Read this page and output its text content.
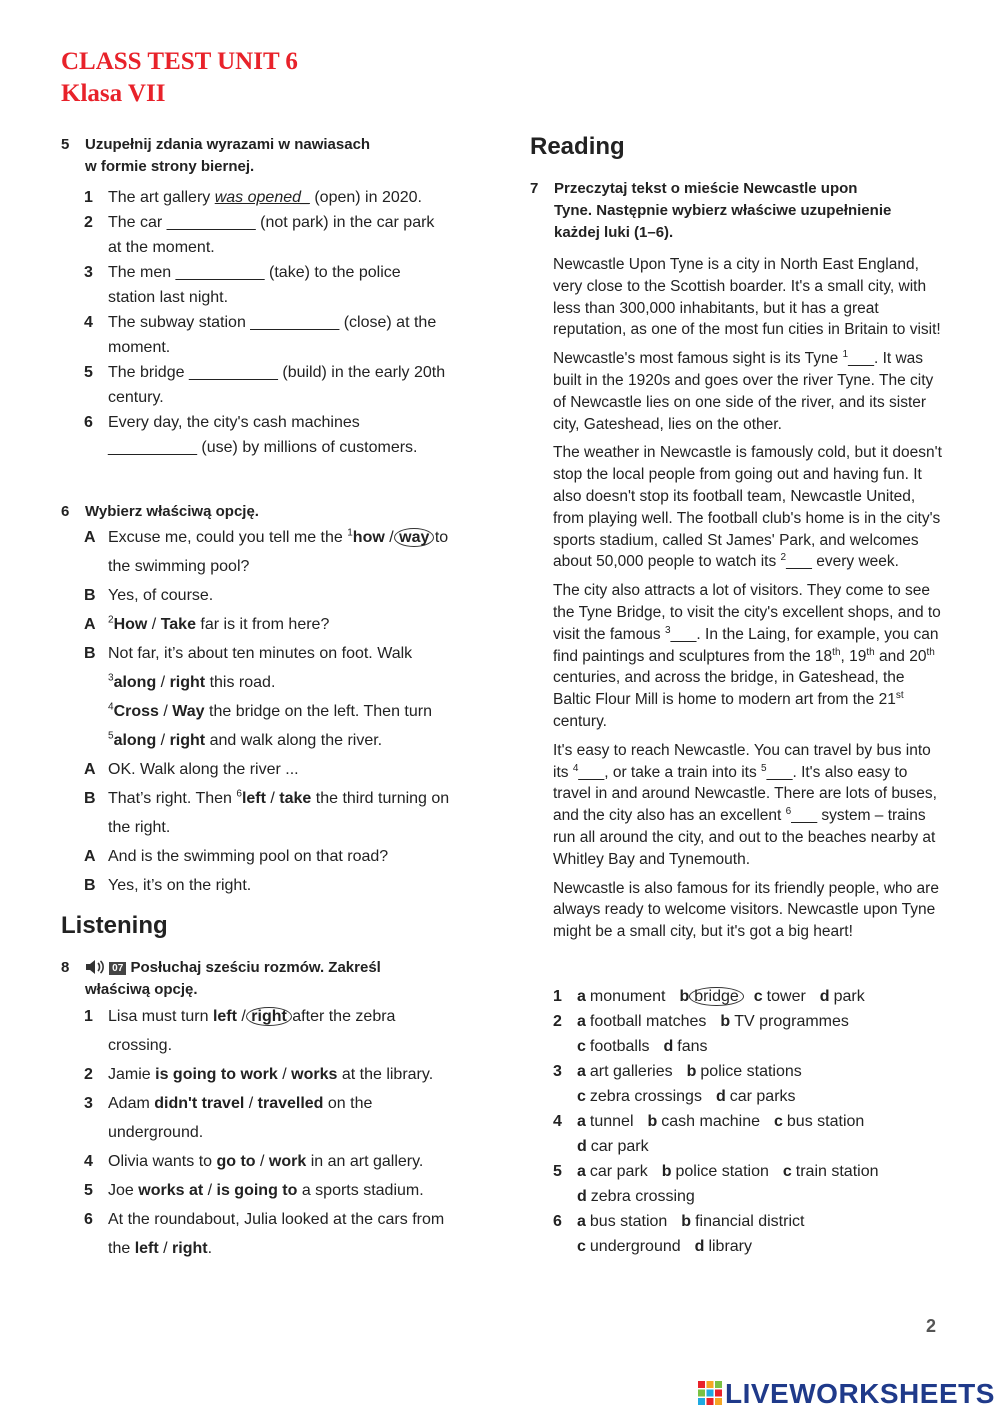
CLASS TEST UNIT 6
Klasa VII
5 Uzupełnij zdania wyrazami w nawiasach
w formie strony biernej.
1 The art gallery was opened_ (open) in 2020.
2 The car __________ (not park) in the car park
at the moment.
3 The men __________ (take) to the police
station last night.
4 The subway station __________ (close) at the
moment.
5 The bridge __________ (build) in the early 20th
century.
6 Every day, the city's cash machines
__________ (use) by millions of customers.
6 Wybierz właściwą opcję.
A Excuse me, could you tell me the $^1$how / way to
the swimming pool?
B Yes, of course.
A $^2$How / Take far is it from here?
B Not far, it’s about ten minutes on foot. Walk
$^3$along / right this road.
$^4$Cross / Way the bridge on the left. Then turn
$^5$along / right and walk along the river.
A OK. Walk along the river ...
B That’s right. Then $^6$left / take the third turning on
the right.
A And is the swimming pool on that road?
B Yes, it’s on the right.
Listening
8	07 Posłuchaj sześciu rozmów. Zakreśl
właściwą opcję.
1 Lisa must turn left / right after the zebra
crossing.
2 Jamie is going to work / works at the library.
3 Adam didn't travel / travelled on the
underground.
4 Olivia wants to go to / work in an art gallery.
5 Joe works at / is going to a sports stadium.
6 At the roundabout, Julia looked at the cars from
the left / right.
Reading
7 Przeczytaj tekst o mieście Newcastle upon
Tyne. Następnie wybierz właściwe uzupełnienie
każdej luki (1–6).

Newcastle Upon Tyne is a city in North East England, very close to the Scottish boarder. It's a small city, with less than 300,000 inhabitants, but it has a great reputation, as one of the most fun cities in Britain to visit!

Newcastle's most famous sight is its Tyne $^1$___. It was built in the 1920s and goes over the river Tyne. The city of Newcastle lies on one side of the river, and its sister city, Gateshead, lies on the other.

The weather in Newcastle is famously cold, but it doesn't stop the local people from going out and having fun. It also doesn't stop its football team, Newcastle United, from playing well. The football club's home is in the city's sports stadium, called St James' Park, and welcomes about 50,000 people to watch its $^2$___ every week.

The city also attracts a lot of visitors. They come to see the Tyne Bridge, to visit the city's excellent shops, and to visit the famous $^3$___. In the Laing, for example, you can find paintings and sculptures from the 18th, 19th and 20th centuries, and across the bridge, in Gateshead, the Baltic Flour Mill is home to modern art from the 21st century.

It's easy to reach Newcastle. You can travel by bus into its $^4$___, or take a train into its $^5$___. It's also easy to travel in and around Newcastle. There are lots of buses, and the city also has an excellent $^6$___ system – trains run all around the city, and out to the beaches nearby at Whitley Bay and Tynemouth.

Newcastle is also famous for its friendly people, who are always ready to welcome visitors. Newcastle upon Tyne might be a small city, but it's got a big heart!

1 a monument b bridge c tower d park
2 a football matches b TV programmes
c footballs d fans
3 a art galleries b police stations
c zebra crossings d car parks
4 a tunnel b cash machine c bus station
d car park
5 a car park b police station c train station
d zebra crossing
6 a bus station b financial district
c underground d library
2
LIVEWORKSHEETS
